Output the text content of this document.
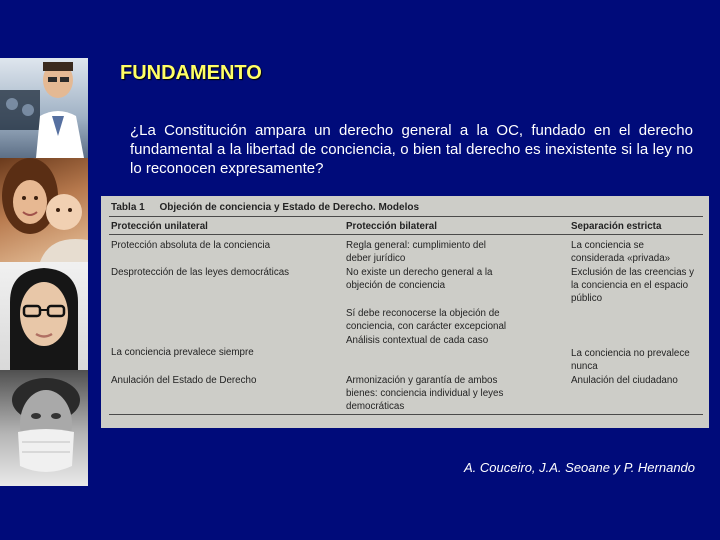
FUNDAMENTO

¿La Constitución ampara un derecho general a la OC, fundado en el derecho fundamental a la libertad de conciencia, o bien tal derecho es inexistente si la ley no lo reconocen expresamente?

Tabla 1 Objeción de conciencia y Estado de Derecho. Modelos
Protección unilateral	Protección bilateral	Separación estricta
Protección absoluta de la conciencia
Desprotección de las leyes democráticas
La conciencia prevalece siempre
Anulación del Estado de Derecho
Regla general: cumplimiento del deber jurídico
No existe un derecho general a la objeción de conciencia
Sí debe reconocerse la objeción de conciencia, con carácter excepcional
Análisis contextual de cada caso
Armonización y garantía de ambos bienes: conciencia individual y leyes democráticas
La conciencia se considerada «privada»
Exclusión de las creencias y la conciencia en el espacio público
La conciencia no prevalece nunca
Anulación del ciudadano

A. Couceiro, J.A. Seoane y P. Hernando
